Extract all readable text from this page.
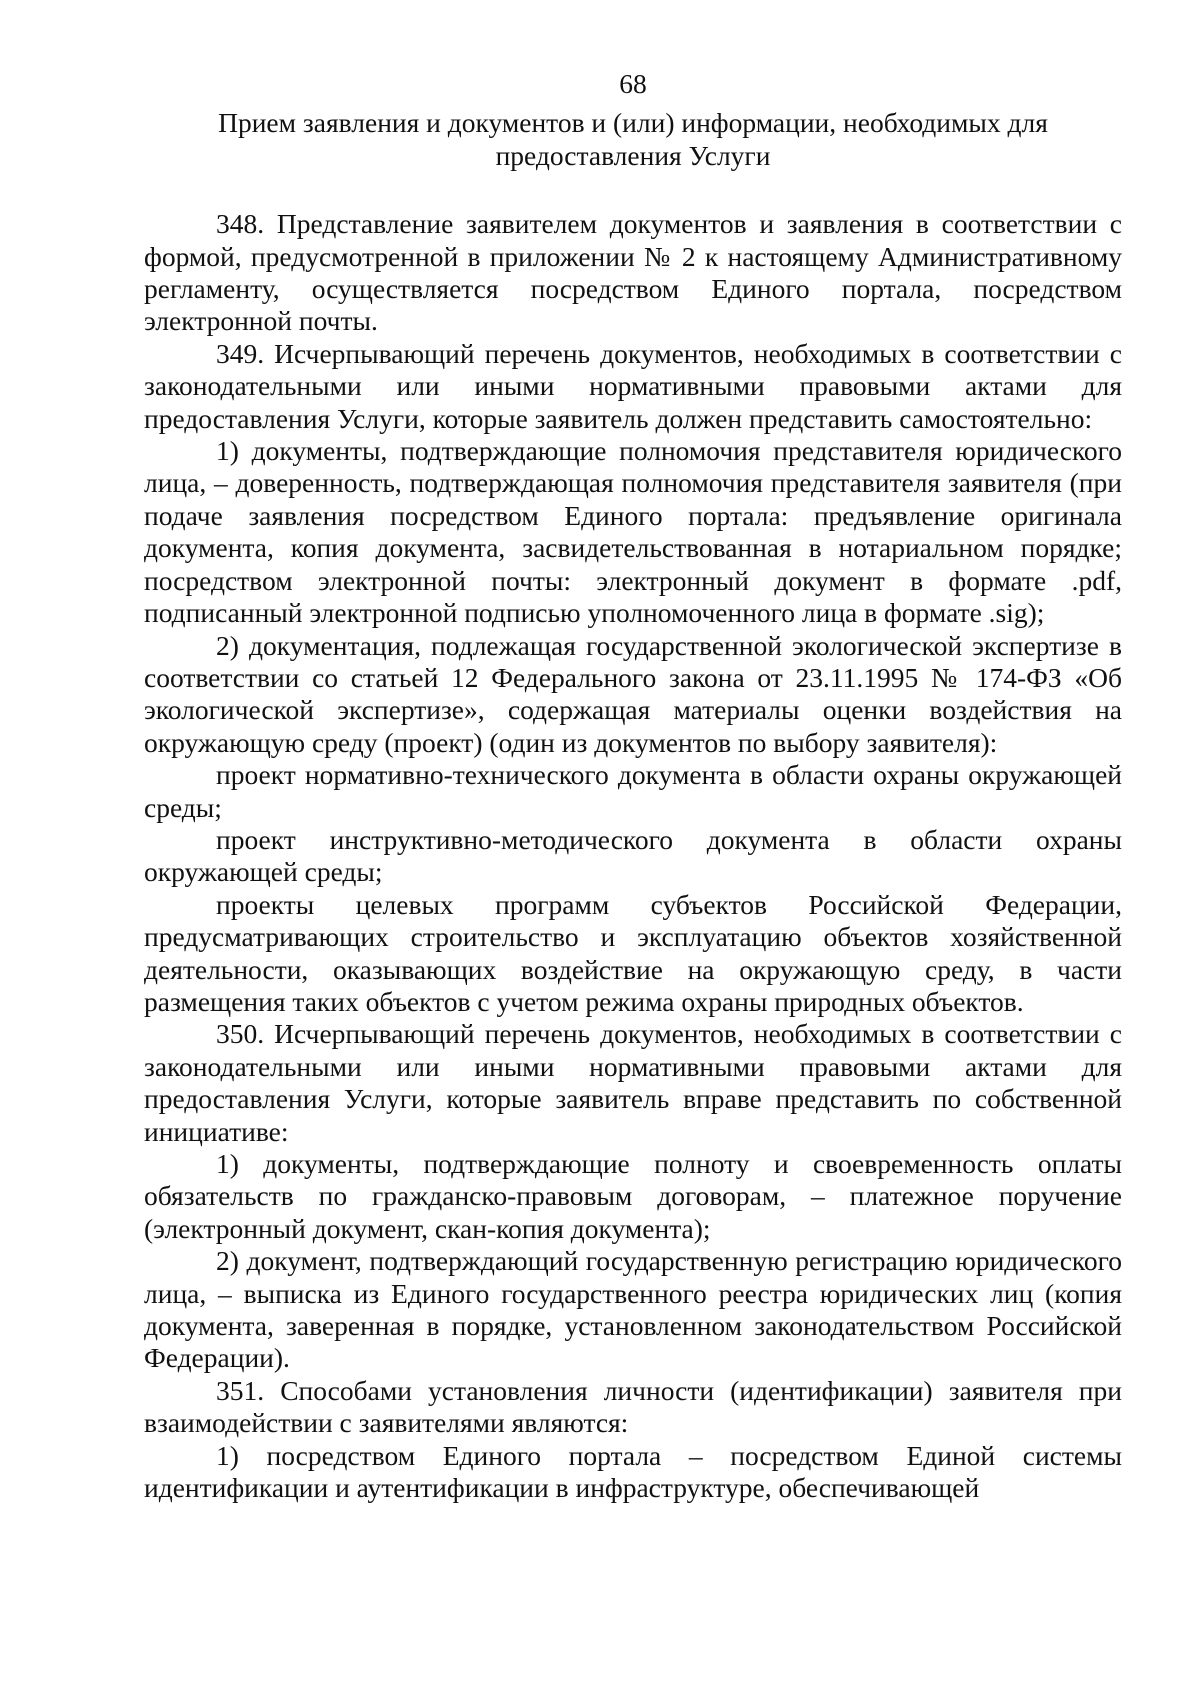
68
Прием заявления и документов и (или) информации, необходимых для предоставления Услуги

348. Представление заявителем документов и заявления в соответствии с формой, предусмотренной в приложении № 2 к настоящему Административному регламенту, осуществляется посредством Единого портала, посредством электронной почты.

349. Исчерпывающий перечень документов, необходимых в соответствии с законодательными или иными нормативными правовыми актами для предоставления Услуги, которые заявитель должен представить самостоятельно:

1) документы, подтверждающие полномочия представителя юридического лица, – доверенность, подтверждающая полномочия представителя заявителя (при подаче заявления посредством Единого портала: предъявление оригинала документа, копия документа, засвидетельствованная в нотариальном порядке; посредством электронной почты: электронный документ в формате .pdf, подписанный электронной подписью уполномоченного лица в формате .sig);

2) документация, подлежащая государственной экологической экспертизе в соответствии со статьей 12 Федерального закона от 23.11.1995 № 174-ФЗ «Об экологической экспертизе», содержащая материалы оценки воздействия на окружающую среду (проект) (один из документов по выбору заявителя):

проект нормативно-технического документа в области охраны окружающей среды;

проект инструктивно-методического документа в области охраны окружающей среды;

проекты целевых программ субъектов Российской Федерации, предусматривающих строительство и эксплуатацию объектов хозяйственной деятельности, оказывающих воздействие на окружающую среду, в части размещения таких объектов с учетом режима охраны природных объектов.

350. Исчерпывающий перечень документов, необходимых в соответствии с законодательными или иными нормативными правовыми актами для предоставления Услуги, которые заявитель вправе представить по собственной инициативе:

1) документы, подтверждающие полноту и своевременность оплаты обязательств по гражданско-правовым договорам, – платежное поручение (электронный документ, скан-копия документа);

2) документ, подтверждающий государственную регистрацию юридического лица, – выписка из Единого государственного реестра юридических лиц (копия документа, заверенная в порядке, установленном законодательством Российской Федерации).

351. Способами установления личности (идентификации) заявителя при взаимодействии с заявителями являются:

1) посредством Единого портала – посредством Единой системы идентификации и аутентификации в инфраструктуре, обеспечивающей
